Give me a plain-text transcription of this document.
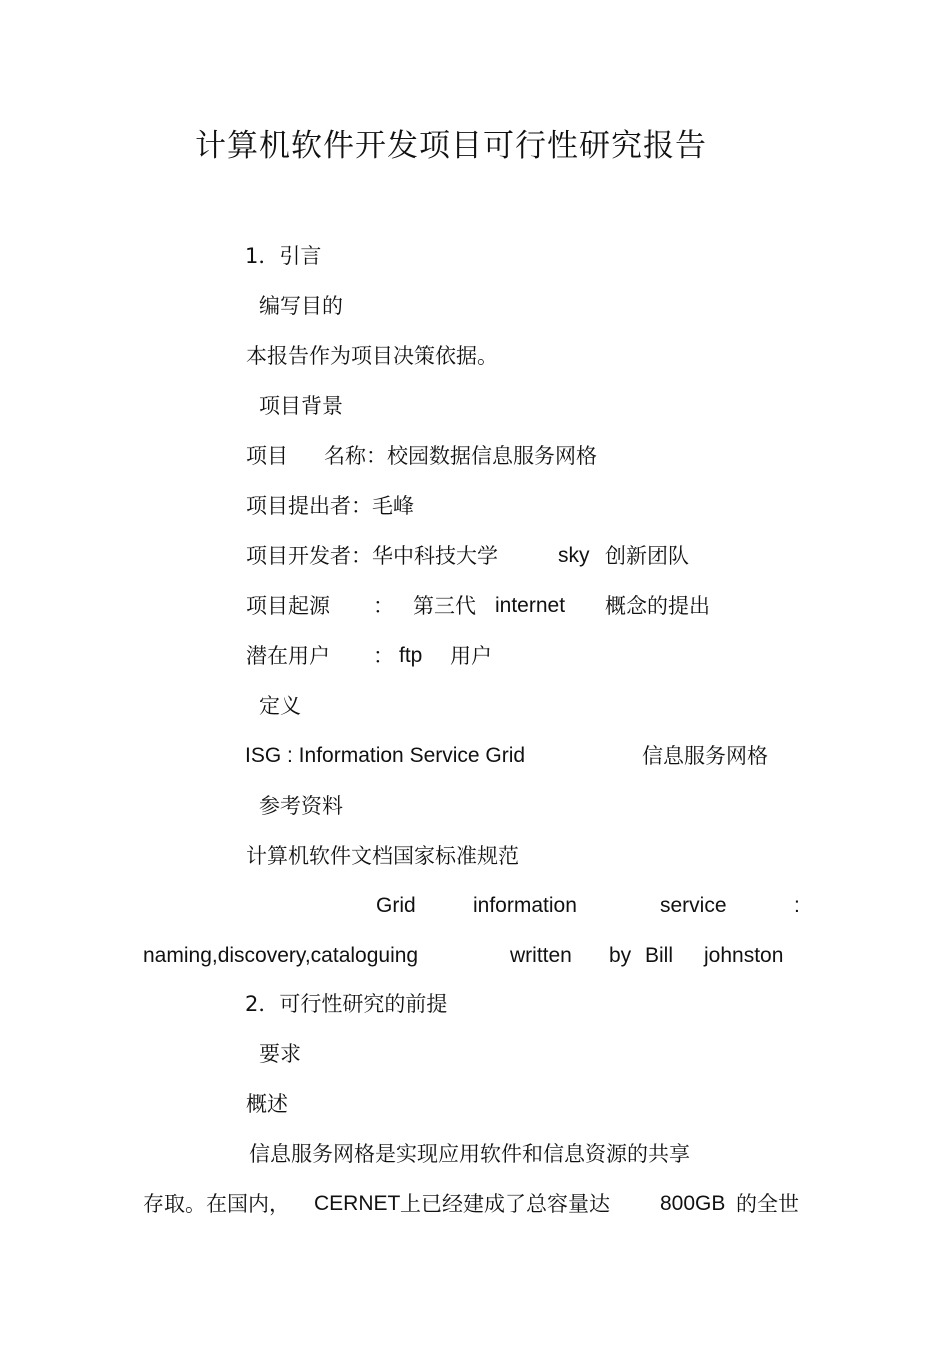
计算机软件开发项目可行性研究报告
1．引言
编写目的
本报告作为项目决策依据。
项目背景
项目 名称：校园数据信息服务网格
项目提出者：毛峰
项目开发者：华中科技大学	sky 创新团队
项目起源 ： 第三代 internet 概念的提出
潜在用户 ： ftp 用户
定义
ISG : Information Service Grid	信息服务网格
参考资料
计算机软件文档国家标准规范
Grid	information	service	:
naming,discovery,cataloguing	written by Bill johnston
2．可行性研究的前提
要求
概述
信息服务网格是实现应用软件和信息资源的共享
存取。在国内， CERNET 上已经建成了总容量达 800GB 的全世
